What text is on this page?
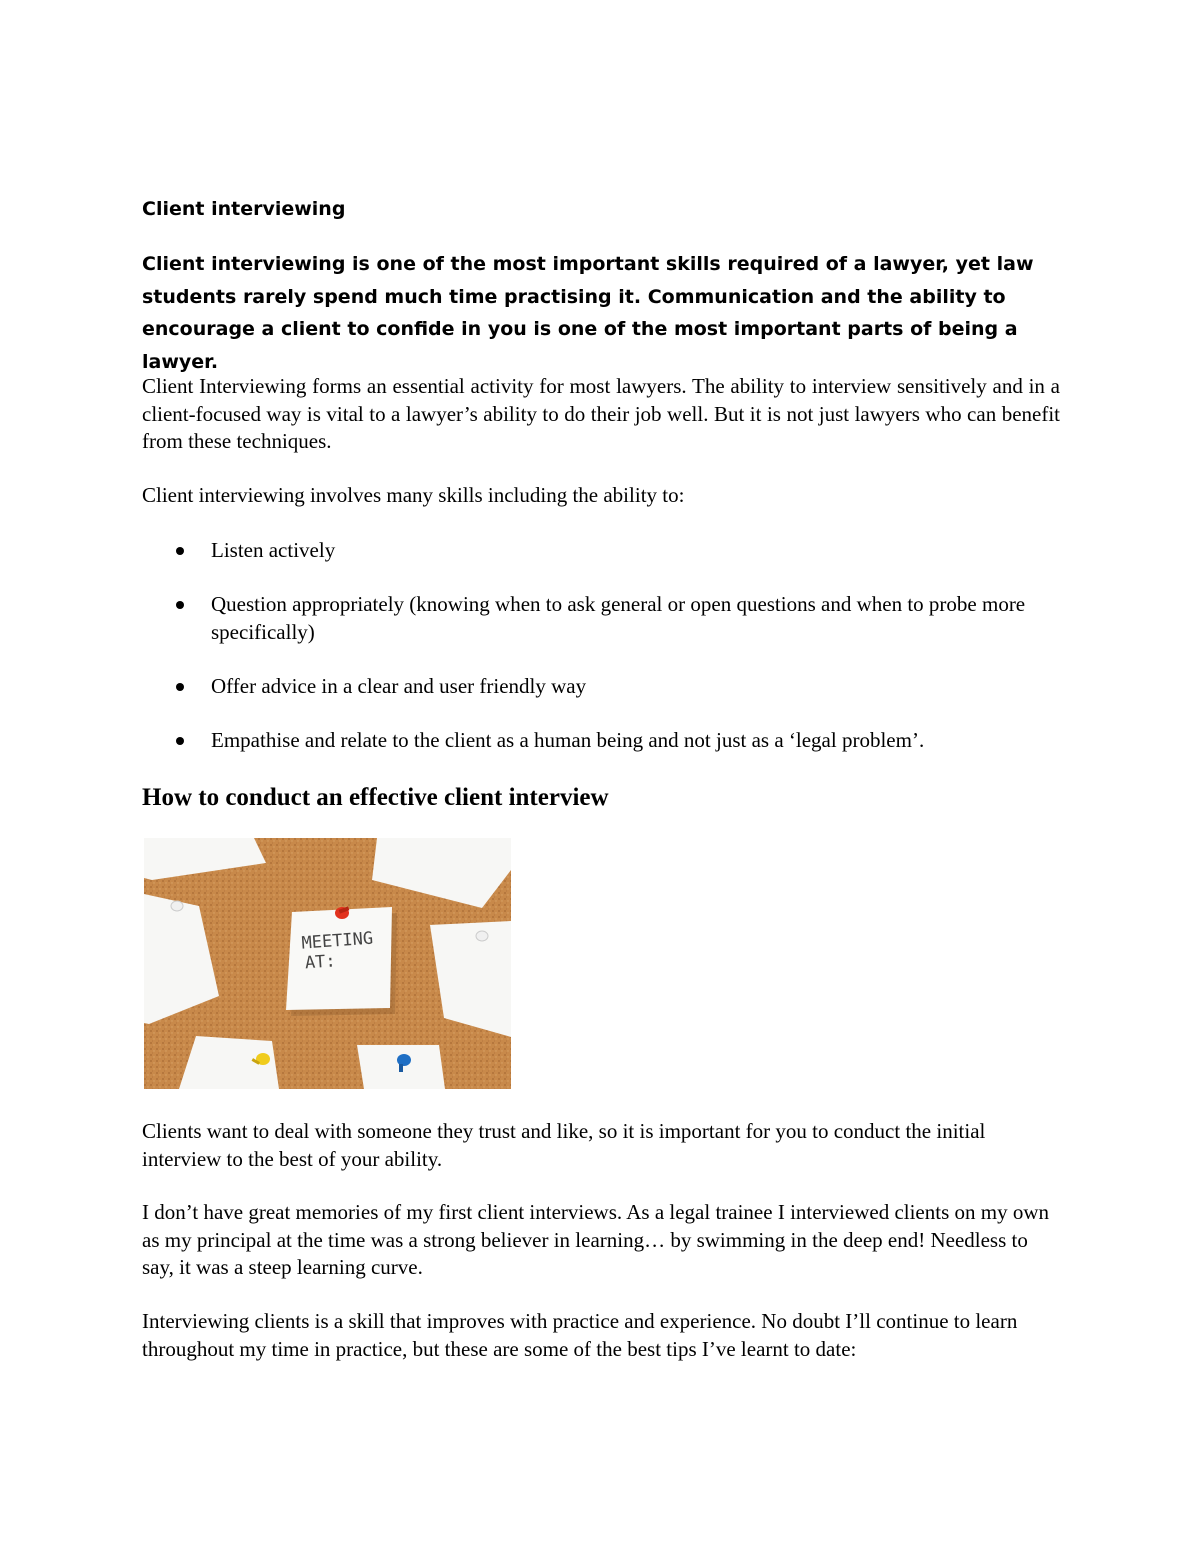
Client interviewing

Client interviewing is one of the most important skills required of a lawyer, yet law students rarely spend much time practising it. Communication and the ability to encourage a client to confide in you is one of the most important parts of being a lawyer.

Client Interviewing forms an essential activity for most lawyers. The ability to interview sensitively and in a client-focused way is vital to a lawyer’s ability to do their job well. But it is not just lawyers who can benefit from these techniques.

Client interviewing involves many skills including the ability to:

Listen actively
Question appropriately (knowing when to ask general or open questions and when to probe more specifically)
Offer advice in a clear and user friendly way
Empathise and relate to the client as a human being and not just as a ‘legal problem’.
How to conduct an effective client interview
MEETING
AT:

Clients want to deal with someone they trust and like, so it is important for you to conduct the initial interview to the best of your ability.

I don’t have great memories of my first client interviews. As a legal trainee I interviewed clients on my own as my principal at the time was a strong believer in learning… by swimming in the deep end! Needless to say, it was a steep learning curve.

Interviewing clients is a skill that improves with practice and experience. No doubt I’ll continue to learn throughout my time in practice, but these are some of the best tips I’ve learnt to date:
